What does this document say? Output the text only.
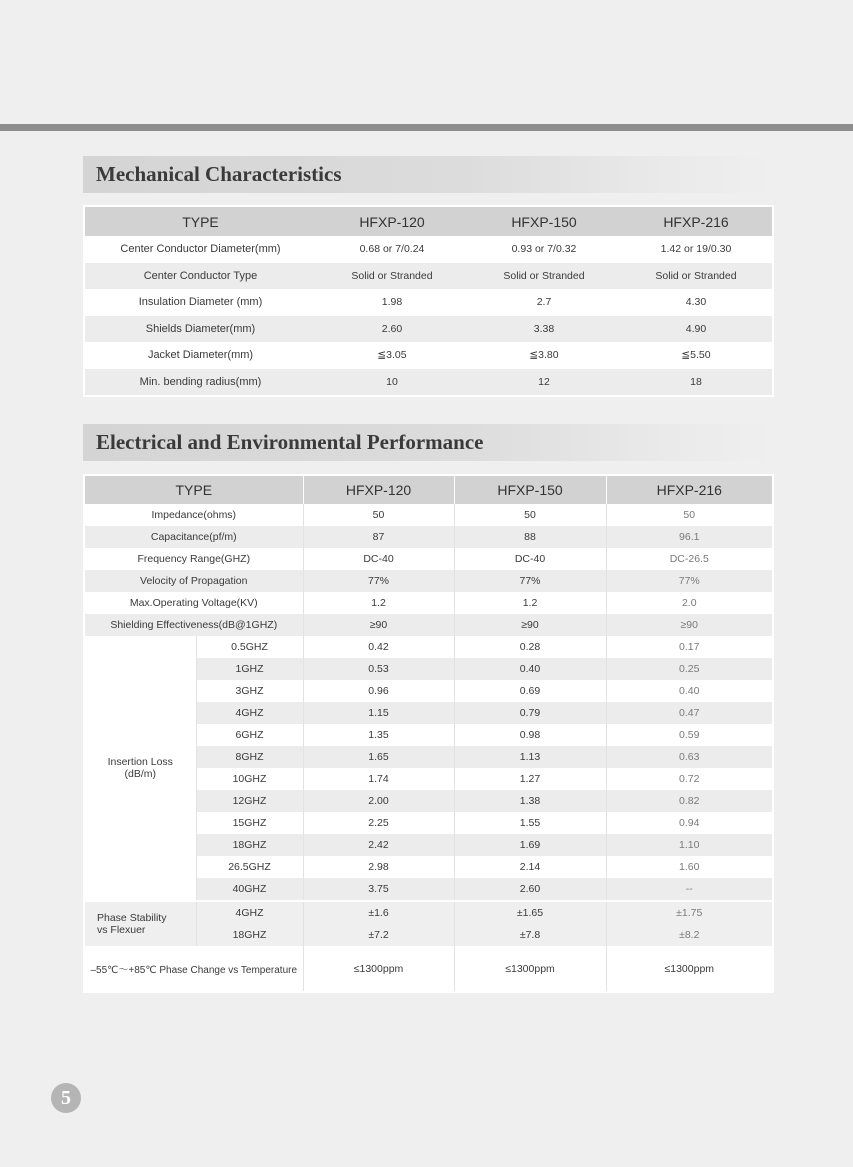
Mechanical Characteristics
TYPE	HFXP-120	HFXP-150	HFXP-216
Center Conductor Diameter(mm)	0.68 or 7/0.24	0.93 or 7/0.32	1.42 or 19/0.30
Center Conductor Type	Solid or Stranded	Solid or Stranded	Solid or Stranded
Insulation Diameter (mm)	1.98	2.7	4.30
Shields Diameter(mm)	2.60	3.38	4.90
Jacket Diameter(mm)	≦3.05	≦3.80	≦5.50
Min. bending radius(mm)	10	12	18
Electrical and Environmental Performance
TYPE		HFXP-120	HFXP-150	HFXP-216
Impedance(ohms)		50	50	50
Capacitance(pf/m)		87	88	96.1
Frequency Range(GHZ)		DC-40	DC-40	DC-26.5
Velocity of Propagation		77%	77%	77%
Max.Operating Voltage(KV)		1.2	1.2	2.0
Shielding Effectiveness(dB@1GHZ)		≥90	≥90	≥90

Insertion Loss
(dB/m)	0.5GHZ	0.42	0.28	0.17
	1GHZ	0.53	0.40	0.25
	3GHZ	0.96	0.69	0.40
	4GHZ	1.15	0.79	0.47
	6GHZ	1.35	0.98	0.59
	8GHZ	1.65	1.13	0.63
	10GHZ	1.74	1.27	0.72
	12GHZ	2.00	1.38	0.82
	15GHZ	2.25	1.55	0.94
	18GHZ	2.42	1.69	1.10
	26.5GHZ	2.98	2.14	1.60
	40GHZ	3.75	2.60	--

Phase Stability
vs Flexuer	4GHZ	±1.6	±1.65	±1.75
	18GHZ	±7.2	±7.8	±8.2
–55℃～+85℃ Phase Change vs Temperature		≤1300ppm	≤1300ppm	≤1300ppm
5
